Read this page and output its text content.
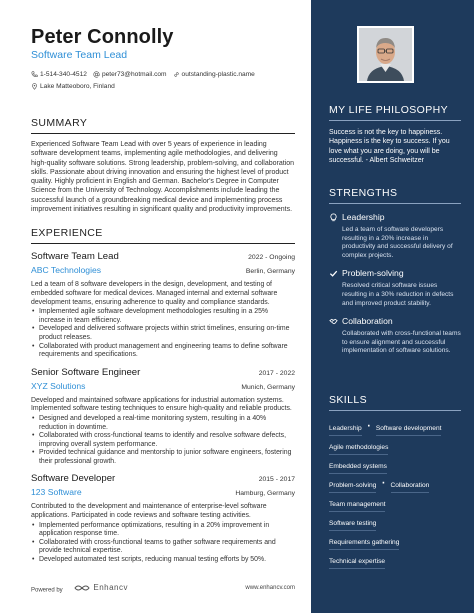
Peter Connolly
Software Team Lead
1-514-340-4512 peter73@hotmail.com outstanding-plastic.name
Lake Matteoboro, Finland
SUMMARY
Experienced Software Team Lead with over 5 years of experience in leading software development teams, implementing agile methodologies, and delivering high-quality software solutions. Strong leadership, problem-solving, and collaboration skills. Passionate about driving innovation and ensuring the highest level of product quality. Highly proficient in English and German. Bachelor's Degree in Computer Science from the University of Technology. Accomplishments include leading the successful launch of a groundbreaking medical device and implementing process improvement initiatives resulting in significant quality and productivity improvements.
EXPERIENCE
Software Team Lead	2022 - Ongoing
ABC Technologies	Berlin, Germany
Led a team of 8 software developers in the design, development, and testing of embedded software for medical devices. Managed internal and external software development teams, ensuring adherence to quality and compliance standards.
• Implemented agile software development methodologies resulting in a 25% increase in team efficiency.
• Developed and delivered software projects within strict timelines, ensuring on-time product releases.
• Collaborated with product management and engineering teams to define software requirements and specifications.
Senior Software Engineer	2017 - 2022
XYZ Solutions	Munich, Germany
Developed and maintained software applications for industrial automation systems. Implemented software testing techniques to ensure high-quality and reliable products.
• Designed and developed a real-time monitoring system, resulting in a 40% reduction in downtime.
• Collaborated with cross-functional teams to identify and resolve software defects, improving overall system performance.
• Provided technical guidance and mentorship to junior software engineers, fostering their professional growth.
Software Developer	2015 - 2017
123 Software	Hamburg, Germany
Contributed to the development and maintenance of enterprise-level software applications. Participated in code reviews and software testing activities.
• Implemented performance optimizations, resulting in a 20% improvement in application response time.
• Collaborated with cross-functional teams to gather software requirements and provide technical expertise.
• Developed automated test scripts, reducing manual testing efforts by 50%.
Powered by	Enhancv	www.enhancv.com
MY LIFE PHILOSOPHY
Success is not the key to happiness. Happiness is the key to success. If you love what you are doing, you will be successful. - Albert Schweitzer
STRENGTHS
Leadership
Led a team of software developers resulting in a 20% increase in productivity and successful delivery of complex projects.
Problem-solving
Resolved critical software issues resulting in a 30% reduction in defects and improved product stability.
Collaboration
Collaborated with cross-functional teams to ensure alignment and successful implementation of software solutions.
SKILLS
Leadership · Software development
Agile methodologies
Embedded systems
Problem-solving · Collaboration
Team management
Software testing
Requirements gathering
Technical expertise
